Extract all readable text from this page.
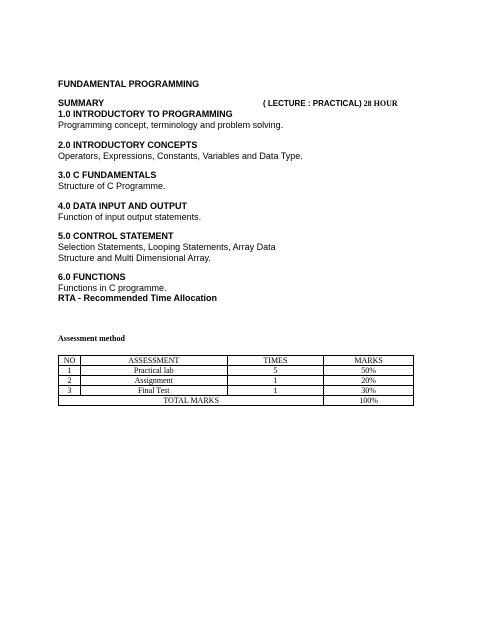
FUNDAMENTAL PROGRAMMING
SUMMARY	( LECTURE : PRACTICAL) 28 HOUR
1.0 INTRODUCTORY TO PROGRAMMING
Programming concept, terminology and problem solving.
2.0 INTRODUCTORY CONCEPTS
Operators, Expressions, Constants, Variables and Data Type.
3.0 C FUNDAMENTALS
Structure of C Programme.
4.0 DATA INPUT AND OUTPUT
Function of input output statements.
5.0 CONTROL STATEMENT
Selection Statements, Looping Statements, Array Data
Structure and Multi Dimensional Array.
6.0 FUNCTIONS
Functions in C programme.
RTA - Recommended Time Allocation
Assessment method
NO	ASSESSMENT	TIMES	MARKS
1	Practical lab	5	50%
2	Assignment	1	20%
3	Final Test	1	30%
TOTAL MARKS			100%
